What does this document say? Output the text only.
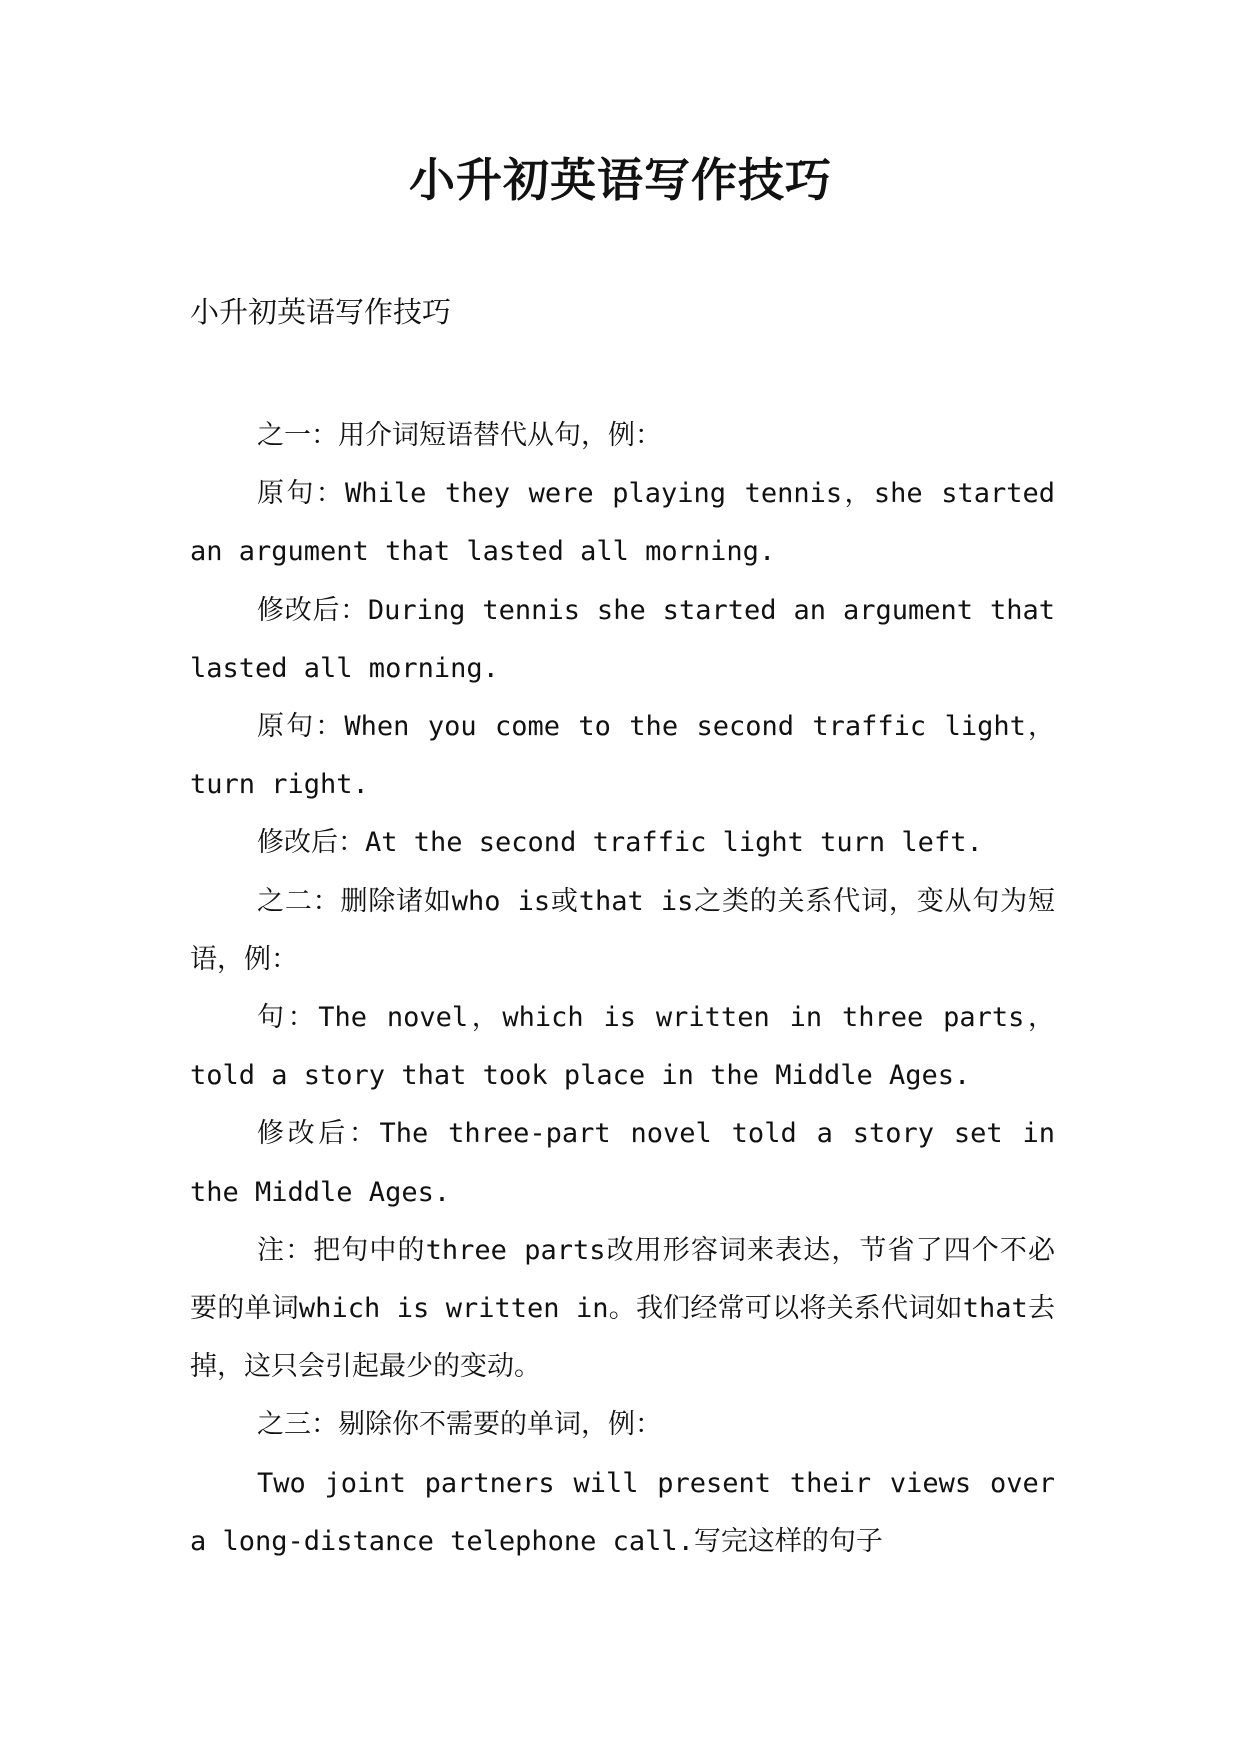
小升初英语写作技巧

小升初英语写作技巧

之一：用介词短语替代从句，例：

原句：While they were playing tennis，she started an argument that lasted all morning.

修改后：During tennis she started an argument that lasted all morning.

原句：When you come to the second traffic light，turn right.

修改后：At the second traffic light turn left.

之二：删除诸如who is或that is之类的关系代词，变从句为短语，例：

句：The novel，which is written in three parts，told a story that took place in the Middle Ages.

修改后：The three-part novel told a story set in the Middle Ages.

注：把句中的three parts改用形容词来表达，节省了四个不必要的单词which is written in。我们经常可以将关系代词如that去掉，这只会引起最少的变动。

之三：剔除你不需要的单词，例：

Two joint partners will present their views over a long-distance telephone call.写完这样的句子
